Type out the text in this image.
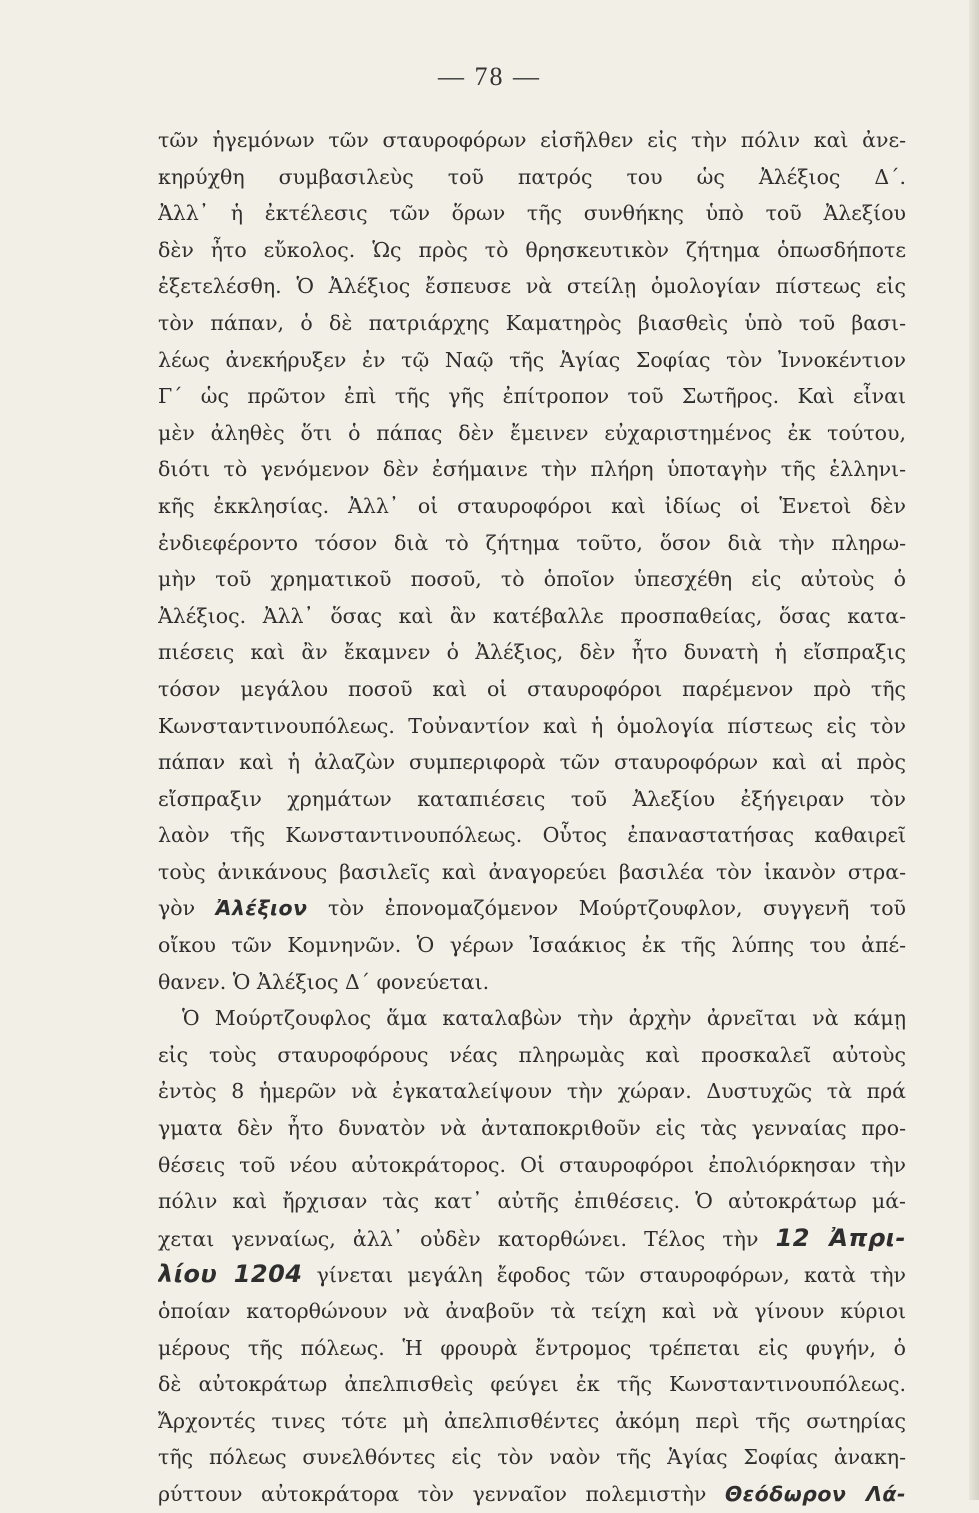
— 78 —
τῶν ἡγεμόνων τῶν σταυροφόρων εἰσῆλθεν εἰς τὴν πόλιν καὶ ἀνε-
κηρύχθη συμβασιλεὺς τοῦ πατρός του ὡς Ἀλέξιος Δ΄.
Ἀλλ᾽ ἡ ἐκτέλεσις τῶν ὅρων τῆς συνθήκης ὑπὸ τοῦ Ἀλεξίου
δὲν ἦτο εὔκολος. Ὡς πρὸς τὸ θρησκευτικὸν ζήτημα ὁπωσδήποτε
ἐξετελέσθη. Ὁ Ἀλέξιος ἔσπευσε νὰ στείλῃ ὁμολογίαν πίστεως εἰς
τὸν πάπαν, ὁ δὲ πατριάρχης Καματηρὸς βιασθεὶς ὑπὸ τοῦ βασι-
λέως ἀνεκήρυξεν ἐν τῷ Ναῷ τῆς Ἁγίας Σοφίας τὸν Ἰννοκέντιον
Γ΄ ὡς πρῶτον ἐπὶ τῆς γῆς ἐπίτροπον τοῦ Σωτῆρος. Καὶ εἶναι
μὲν ἀληθὲς ὅτι ὁ πάπας δὲν ἔμεινεν εὐχαριστημένος ἐκ τούτου,
διότι τὸ γενόμενον δὲν ἐσήμαινε τὴν πλήρη ὑποταγὴν τῆς ἑλληνι-
κῆς ἐκκλησίας. Ἀλλ᾽ οἱ σταυροφόροι καὶ ἰδίως οἱ Ἑνετοὶ δὲν
ἐνδιεφέροντο τόσον διὰ τὸ ζήτημα τοῦτο, ὅσον διὰ τὴν πληρω-
μὴν τοῦ χρηματικοῦ ποσοῦ, τὸ ὁποῖον ὑπεσχέθη εἰς αὐτοὺς ὁ
Ἀλέξιος. Ἀλλ᾽ ὅσας καὶ ἂν κατέβαλλε προσπαθείας, ὅσας κατα-
πιέσεις καὶ ἂν ἔκαμνεν ὁ Ἀλέξιος, δὲν ἦτο δυνατὴ ἡ εἴσπραξις
τόσον μεγάλου ποσοῦ καὶ οἱ σταυροφόροι παρέμενον πρὸ τῆς
Κωνσταντινουπόλεως. Τοὐναντίον καὶ ἡ ὁμολογία πίστεως εἰς τὸν
πάπαν καὶ ἡ ἀλαζὼν συμπεριφορὰ τῶν σταυροφόρων καὶ αἱ πρὸς
εἴσπραξιν χρημάτων καταπιέσεις τοῦ Ἀλεξίου ἐξήγειραν τὸν
λαὸν τῆς Κωνσταντινουπόλεως. Οὗτος ἐπαναστατήσας καθαιρεῖ
τοὺς ἀνικάνους βασιλεῖς καὶ ἀναγορεύει βασιλέα τὸν ἱκανὸν στρα-
γὸν Ἀλέξιον τὸν ἐπονομαζόμενον Μούρτζουφλον, συγγενῆ τοῦ
οἴκου τῶν Κομνηνῶν. Ὁ γέρων Ἰσαάκιος ἐκ τῆς λύπης του ἀπέ-
θανεν. Ὁ Ἀλέξιος Δ΄ φονεύεται.
Ὁ Μούρτζουφλος ἅμα καταλαβὼν τὴν ἀρχὴν ἀρνεῖται νὰ κάμῃ
εἰς τοὺς σταυροφόρους νέας πληρωμὰς καὶ προσκαλεῖ αὐτοὺς
ἐντὸς 8 ἡμερῶν νὰ ἐγκαταλείψουν τὴν χώραν. Δυστυχῶς τὰ πρά
γματα δὲν ἦτο δυνατὸν νὰ ἀνταποκριθοῦν εἰς τὰς γενναίας προ-
θέσεις τοῦ νέου αὐτοκράτορος. Οἱ σταυροφόροι ἐπολιόρκησαν τὴν
πόλιν καὶ ἤρχισαν τὰς κατ᾽ αὐτῆς ἐπιθέσεις. Ὁ αὐτοκράτωρ μά-
χεται γενναίως, ἀλλ᾽ οὐδὲν κατορθώνει. Τέλος τὴν 12 Ἀπρι-
λίου 1204 γίνεται μεγάλη ἔφοδος τῶν σταυροφόρων, κατὰ τὴν
ὁποίαν κατορθώνουν νὰ ἀναβοῦν τὰ τείχη καὶ νὰ γίνουν κύριοι
μέρους τῆς πόλεως. Ἡ φρουρὰ ἔντρομος τρέπεται εἰς φυγήν, ὁ
δὲ αὐτοκράτωρ ἀπελπισθεὶς φεύγει ἐκ τῆς Κωνσταντινουπόλεως.
Ἄρχοντές τινες τότε μὴ ἀπελπισθέντες ἀκόμη περὶ τῆς σωτηρίας
τῆς πόλεως συνελθόντες εἰς τὸν ναὸν τῆς Ἁγίας Σοφίας ἀνακη-
ρύττουν αὐτοκράτορα τὸν γενναῖον πολεμιστὴν Θεόδωρον Λά-
